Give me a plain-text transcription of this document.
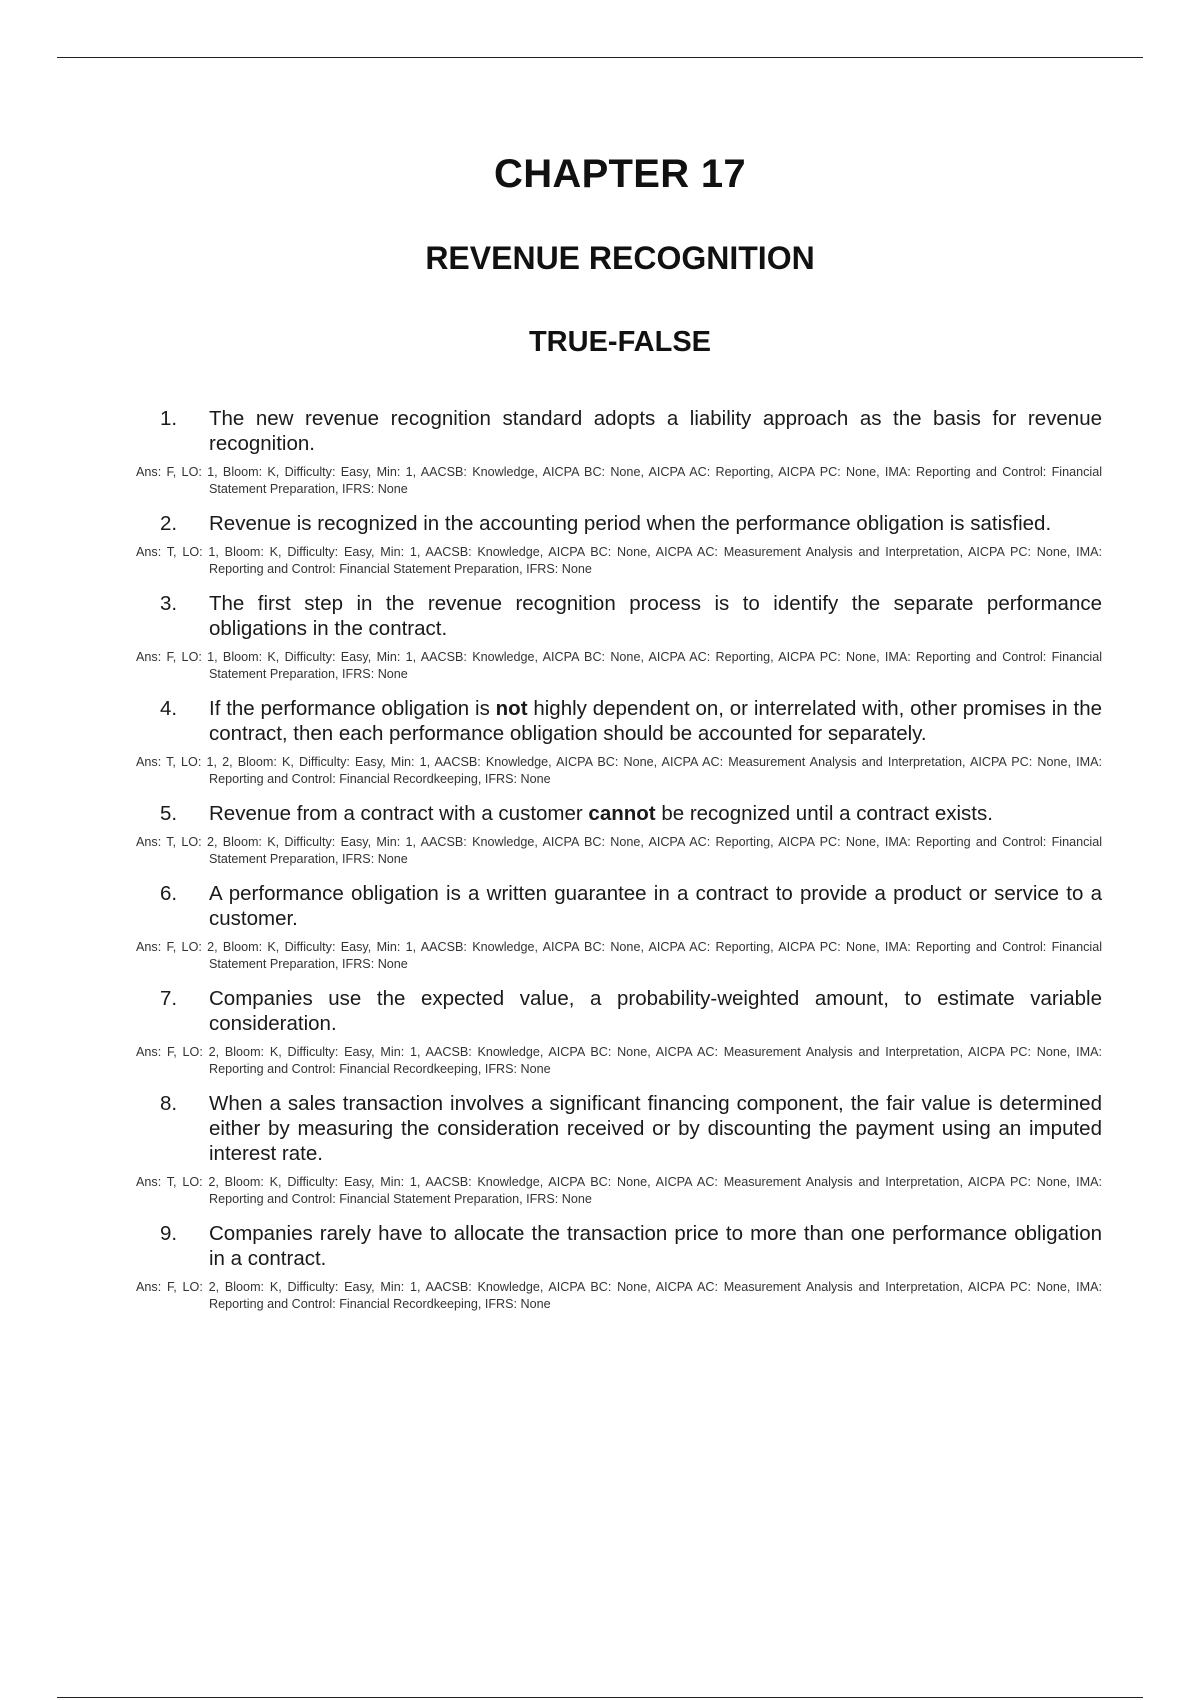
CHAPTER 17
REVENUE RECOGNITION
TRUE-FALSE
1.	The new revenue recognition standard adopts a liability approach as the basis for revenue recognition.
Ans: F, LO: 1, Bloom: K, Difficulty: Easy, Min: 1, AACSB: Knowledge, AICPA BC: None, AICPA AC: Reporting, AICPA PC: None, IMA: Reporting and Control: Financial Statement Preparation, IFRS: None
2.	Revenue is recognized in the accounting period when the performance obligation is satisfied.
Ans: T, LO: 1, Bloom: K, Difficulty: Easy, Min: 1, AACSB: Knowledge, AICPA BC: None, AICPA AC: Measurement Analysis and Interpretation, AICPA PC: None, IMA: Reporting and Control: Financial Statement Preparation, IFRS: None
3.	The first step in the revenue recognition process is to identify the separate performance obligations in the contract.
Ans: F, LO: 1, Bloom: K, Difficulty: Easy, Min: 1, AACSB: Knowledge, AICPA BC: None, AICPA AC: Reporting, AICPA PC: None, IMA: Reporting and Control: Financial Statement Preparation, IFRS: None
4.	If the performance obligation is not highly dependent on, or interrelated with, other promises in the contract, then each performance obligation should be accounted for separately.
Ans: T, LO: 1, 2, Bloom: K, Difficulty: Easy, Min: 1, AACSB: Knowledge, AICPA BC: None, AICPA AC: Measurement Analysis and Interpretation, AICPA PC: None, IMA: Reporting and Control: Financial Recordkeeping, IFRS: None
5.	Revenue from a contract with a customer cannot be recognized until a contract exists.
Ans: T, LO: 2, Bloom: K, Difficulty: Easy, Min: 1, AACSB: Knowledge, AICPA BC: None, AICPA AC: Reporting, AICPA PC: None, IMA: Reporting and Control: Financial Statement Preparation, IFRS: None
6.	A performance obligation is a written guarantee in a contract to provide a product or service to a customer.
Ans: F, LO: 2, Bloom: K, Difficulty: Easy, Min: 1, AACSB: Knowledge, AICPA BC: None, AICPA AC: Reporting, AICPA PC: None, IMA: Reporting and Control: Financial Statement Preparation, IFRS: None
7.	Companies use the expected value, a probability-weighted amount, to estimate variable consideration.
Ans: F, LO: 2, Bloom: K, Difficulty: Easy, Min: 1, AACSB: Knowledge, AICPA BC: None, AICPA AC: Measurement Analysis and Interpretation, AICPA PC: None, IMA: Reporting and Control: Financial Recordkeeping, IFRS: None
8.	When a sales transaction involves a significant financing component, the fair value is determined either by measuring the consideration received or by discounting the payment using an imputed interest rate.
Ans: T, LO: 2, Bloom: K, Difficulty: Easy, Min: 1, AACSB: Knowledge, AICPA BC: None, AICPA AC: Measurement Analysis and Interpretation, AICPA PC: None, IMA: Reporting and Control: Financial Statement Preparation, IFRS: None
9.	Companies rarely have to allocate the transaction price to more than one performance obligation in a contract.
Ans: F, LO: 2, Bloom: K, Difficulty: Easy, Min: 1, AACSB: Knowledge, AICPA BC: None, AICPA AC: Measurement Analysis and Interpretation, AICPA PC: None, IMA: Reporting and Control: Financial Recordkeeping, IFRS: None
